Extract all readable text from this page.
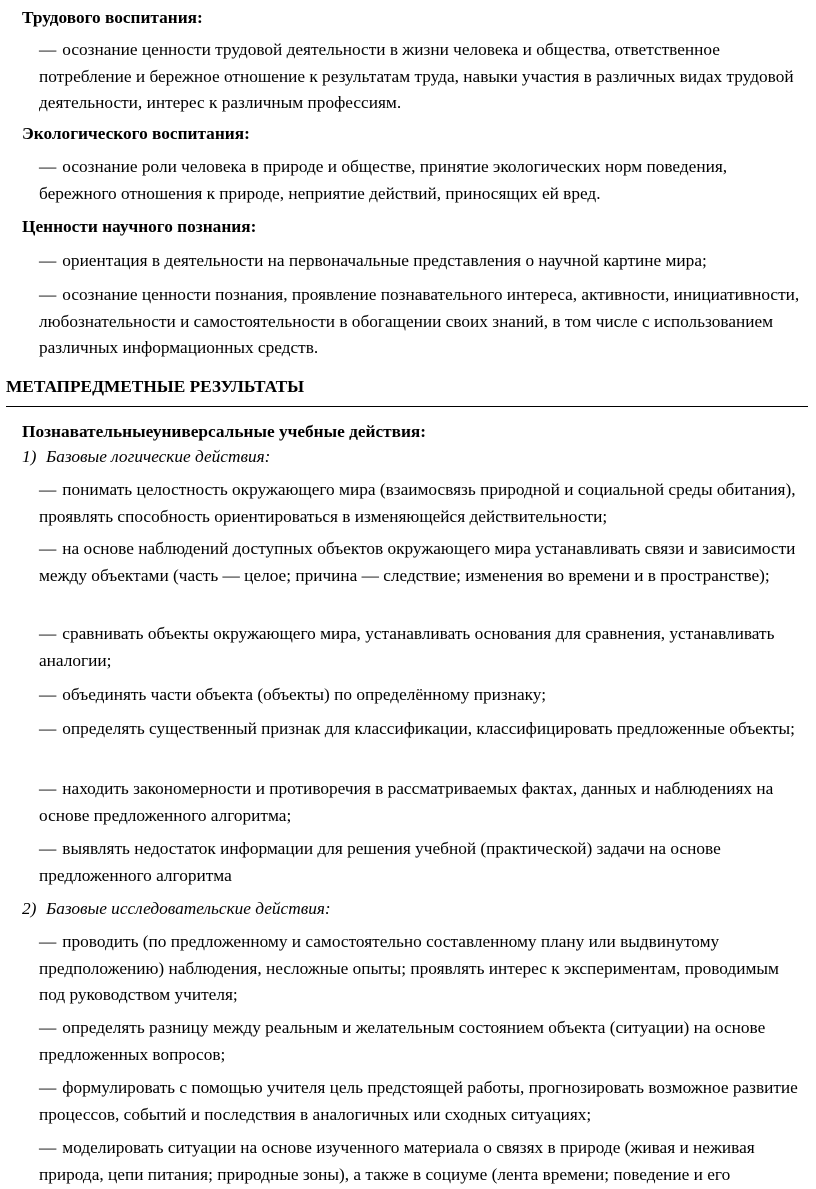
Трудового воспитания:

— осознание ценности трудовой деятельности в жизни человека и общества, ответственное потребление и бережное отношение к результатам труда, навыки участия в различных видах трудовой деятельности, интерес к различным профессиям.

Экологического воспитания:

— осознание роли человека в природе и обществе, принятие экологических норм поведения, бережного отношения к природе, неприятие действий, приносящих ей вред.

Ценности научного познания:

— ориентация в деятельности на первоначальные представления о научной картине мира;

— осознание ценности познания, проявление познавательного интереса, активности, инициативности, любознательности и самостоятельности в обогащении своих знаний, в том числе с использованием различных информационных средств.

МЕТАПРЕДМЕТНЫЕ РЕЗУЛЬТАТЫ

Познавательныеуниверсальные учебные действия:

1) Базовые логические действия:

— понимать целостность окружающего мира (взаимосвязь природной и социальной среды обитания), проявлять способность ориентироваться в изменяющейся действительности;

— на основе наблюдений доступных объектов окружающего мира устанавливать связи и зависимости между объектами (часть — целое; причина — следствие; изменения во времени и в пространстве);

— сравнивать объекты окружающего мира, устанавливать основания для сравнения, устанавливать аналогии;

— объединять части объекта (объекты) по определённому признаку;

— определять существенный признак для классификации, классифицировать предложенные объекты;

— находить закономерности и противоречия в рассматриваемых фактах, данных и наблюдениях на основе предложенного алгоритма;

— выявлять недостаток информации для решения учебной (практической) задачи на основе предложенного алгоритма

2) Базовые исследовательские действия:

— проводить (по предложенному и самостоятельно составленному плану или выдвинутому предположению) наблюдения, несложные опыты; проявлять интерес к экспериментам, проводимым под руководством учителя;

— определять разницу между реальным и желательным состоянием объекта (ситуации) на основе предложенных вопросов;

— формулировать с помощью учителя цель предстоящей работы, прогнозировать возможное развитие процессов, событий и последствия в аналогичных или сходных ситуациях;

— моделировать ситуации на основе изученного материала о связях в природе (живая и неживая природа, цепи питания; природные зоны), а также в социуме (лента времени; поведение и его
